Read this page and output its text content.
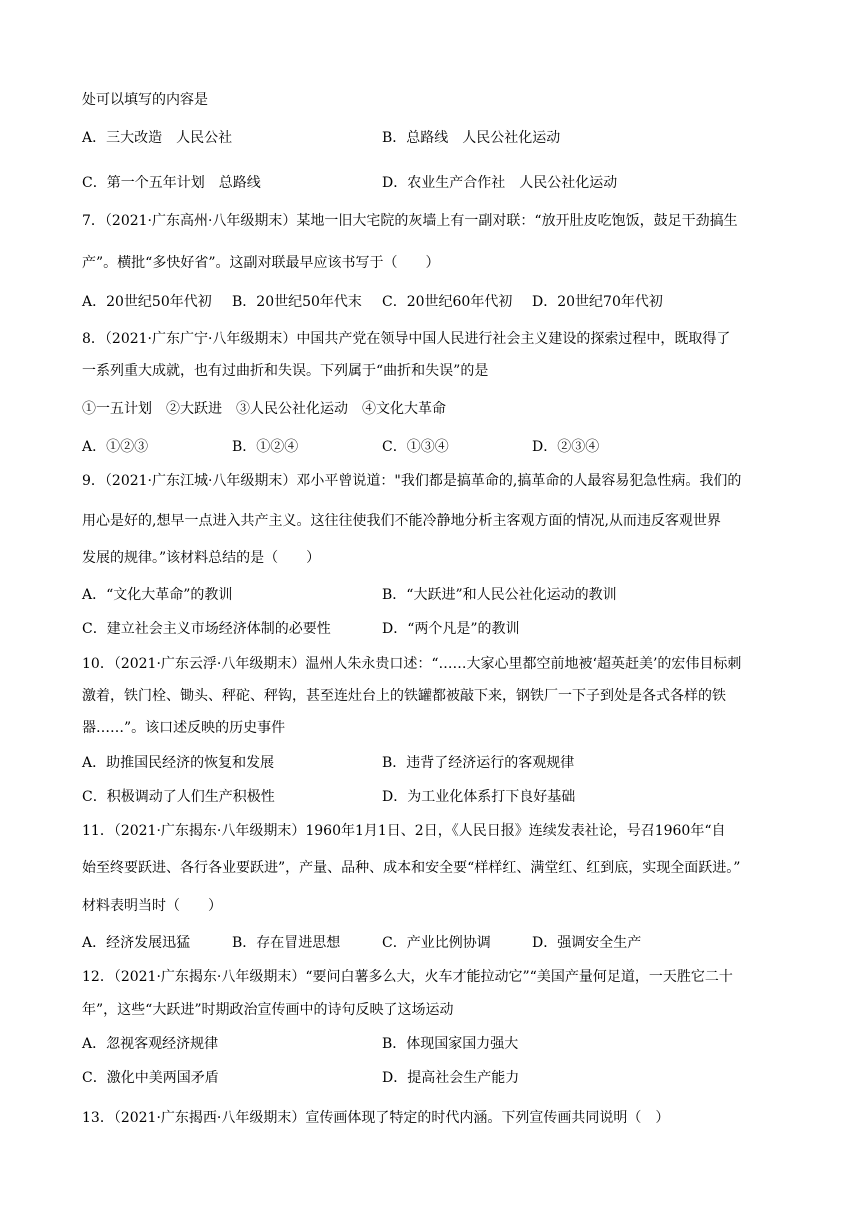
处可以填写的内容是
A．三大改造　人民公社	B．总路线　人民公社化运动
C．第一个五年计划　总路线	D．农业生产合作社　人民公社化运动
7．（2021·广东高州·八年级期末）某地一旧大宅院的灰墙上有一副对联：“放开肚皮吃饱饭，鼓足干劲搞生
产”。横批“多快好省”。这副对联最早应该书写于（　　）
A．20世纪50年代初 B．20世纪50年代末 C．20世纪60年代初 D．20世纪70年代初
8．（2021·广东广宁·八年级期末）中国共产党在领导中国人民进行社会主义建设的探索过程中，既取得了
一系列重大成就，也有过曲折和失误。下列属于“曲折和失误”的是
①一五计划　②大跃进　③人民公社化运动　④文化大革命
A．①②③	B．①②④	C．①③④	D．②③④
9．（2021·广东江城·八年级期末）邓小平曾说道："我们都是搞革命的,搞革命的人最容易犯急性病。我们的
用心是好的,想早一点进入共产主义。这往往使我们不能冷静地分析主客观方面的情况,从而违反客观世界
发展的规律。”该材料总结的是（　　）
A．“文化大革命”的教训	B．“大跃进”和人民公社化运动的教训
C．建立社会主义市场经济体制的必要性	D．“两个凡是”的教训
10．（2021·广东云浮·八年级期末）温州人朱永贵口述：“……大家心里都空前地被‘超英赶美’的宏伟目标刺
激着，铁门栓、锄头、秤砣、秤钩，甚至连灶台上的铁罐都被敲下来，钢铁厂一下子到处是各式各样的铁
器……”。该口述反映的历史事件
A．助推国民经济的恢复和发展	B．违背了经济运行的客观规律
C．积极调动了人们生产积极性	D．为工业化体系打下良好基础
11．（2021·广东揭东·八年级期末）1960年1月1日、2日，《人民日报》连续发表社论，号召1960年“自
始至终要跃进、各行各业要跃进”，产量、品种、成本和安全要“样样红、满堂红、红到底，实现全面跃进。”
材料表明当时（　　）
A．经济发展迅猛	B．存在冒进思想	C．产业比例协调	D．强调安全生产
12．（2021·广东揭东·八年级期末）“要问白薯多么大，火车才能拉动它”“美国产量何足道，一天胜它二十
年”，这些“大跃进”时期政治宣传画中的诗句反映了这场运动
A．忽视客观经济规律	B．体现国家国力强大
C．激化中美两国矛盾	D．提高社会生产能力
13．（2021·广东揭西·八年级期末）宣传画体现了特定的时代内涵。下列宣传画共同说明（　）
